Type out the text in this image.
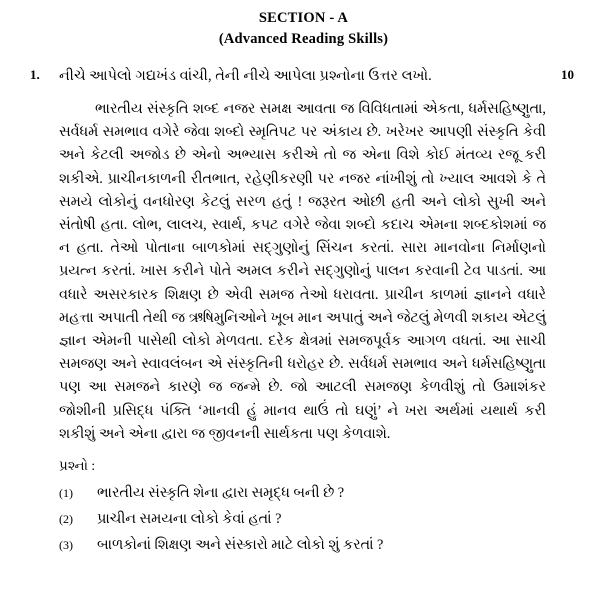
SECTION - A
(Advanced Reading Skills)
1. નીચે આપેલો ગદ્યખંડ વાંચી, તેની નીચે આપેલા પ્રશ્નોના ઉત્તર લખો.	10

ભારતીય સંસ્કૃતિ શબ્દ નજર સમક્ષ આવતા જ વિવિધતામાં એકતા, ધર્મસહિષ્ણુતા, સર્વધર્મ સમભાવ વગેરે જેવા શબ્દો સ્મૃતિપટ પર અંકાય છે. ખરેખર આપણી સંસ્કૃતિ કેવી અને કેટલી અજોડ છે એનો અભ્યાસ કરીએ તો જ એના વિશે કોઈ મંતવ્ય રજૂ કરી શકીએ. પ્રાચીનકાળની રીતભાત, રહેણીકરણી પર નજર નાંખીશું તો ખ્યાલ આવશે કે તે સમયે લોકોનું વનધોરણ કેટલું સરળ હતું ! જરૂરત ઓછી હતી અને લોકો સુખી અને સંતોષી હતા. લોભ, લાલચ, સ્વાર્થ, કપટ વગેરે જેવા શબ્દો કદાચ એમના શબ્દકોશમાં જ ન હતા. તેઓ પોતાના બાળકોમાં સદ્‌ગુણોનું સિંચન કરતાં. સારા માનવોના નિર્માણનો પ્રયત્ન કરતાં. ખાસ કરીને પોતે અમલ કરીને સદ્‌ગુણોનું પાલન કરવાની ટેવ પાડતાં. આ વધારે અસરકારક શિક્ષણ છે એવી સમજ તેઓ ધરાવતા. પ્રાચીન કાળમાં જ્ઞાનને વધારે મહત્તા અપાતી તેથી જ ઋષિમુનિઓને ખૂબ માન અપાતું અને જેટલું મેળવી શકાય એટલું જ્ઞાન એમની પાસેથી લોકો મેળવતા. દરેક ક્ષેત્રમાં સમજપૂર્વક આગળ વધતાં. આ સાચી સમજણ અને સ્વાવલંબન એ સંસ્કૃતિની ધરોહર છે. સર્વધર્મ સમભાવ અને ધર્મસહિષ્ણુતા પણ આ સમજને કારણે જ જન્મે છે. જો આટલી સમજણ કેળવીશું તો ઉમાશંકર જોશીની પ્રસિદ્ધ પંક્તિ ‘માનવી હું માનવ થાઉં તો ઘણું’ ને ખરા અર્થમાં યથાર્થ કરી શકીશું અને એના દ્વારા જ જીવનની સાર્થકતા પણ કેળવાશે.

પ્રશ્નો :
(1) ભારતીય સંસ્કૃતિ શેના દ્વારા સમૃદ્ધ બની છે ?
(2) પ્રાચીન સમયના લોકો કેવાં હતાં ?
(3) બાળકોનાં શિક્ષણ અને સંસ્કારો માટે લોકો શું કરતાં ?
